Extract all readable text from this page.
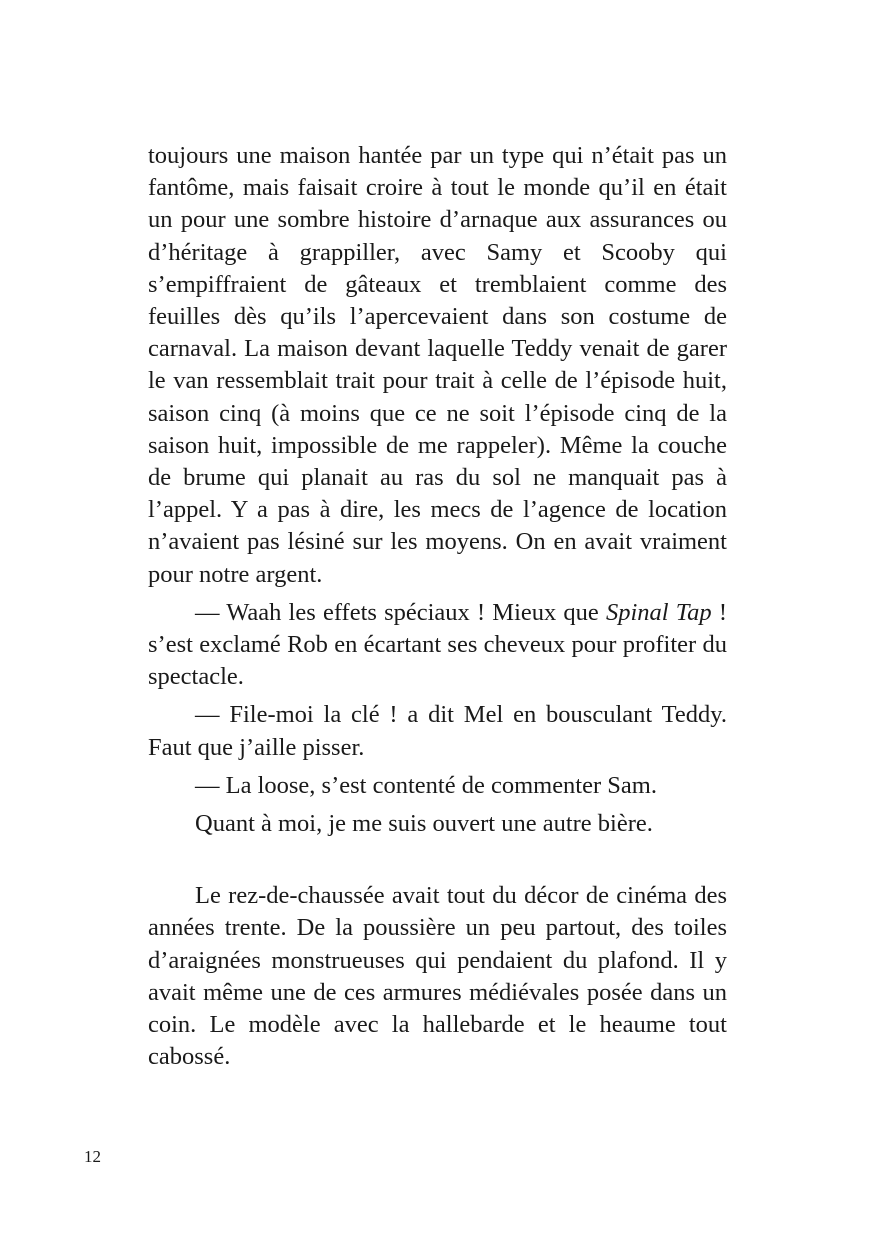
toujours une maison hantée par un type qui n’était pas un fantôme, mais faisait croire à tout le monde qu’il en était un pour une sombre histoire d’arnaque aux assurances ou d’héritage à grappiller, avec Samy et Scooby qui s’empiffraient de gâteaux et tremblaient comme des feuilles dès qu’ils l’apercevaient dans son costume de carnaval. La maison devant laquelle Teddy venait de garer le van ressemblait trait pour trait à celle de l’épisode huit, saison cinq (à moins que ce ne soit l’épisode cinq de la saison huit, impossible de me rappeler). Même la couche de brume qui planait au ras du sol ne manquait pas à l’appel. Y a pas à dire, les mecs de l’agence de location n’avaient pas lésiné sur les moyens. On en avait vraiment pour notre argent.

— Waah les effets spéciaux ! Mieux que Spinal Tap ! s’est exclamé Rob en écartant ses cheveux pour profiter du spectacle.

— File-moi la clé ! a dit Mel en bousculant Teddy. Faut que j’aille pisser.

— La loose, s’est contenté de commenter Sam.

Quant à moi, je me suis ouvert une autre bière.

Le rez-de-chaussée avait tout du décor de cinéma des années trente. De la poussière un peu partout, des toiles d’araignées monstrueuses qui pendaient du plafond. Il y avait même une de ces armures médiévales posée dans un coin. Le modèle avec la hallebarde et le heaume tout cabossé.

12
